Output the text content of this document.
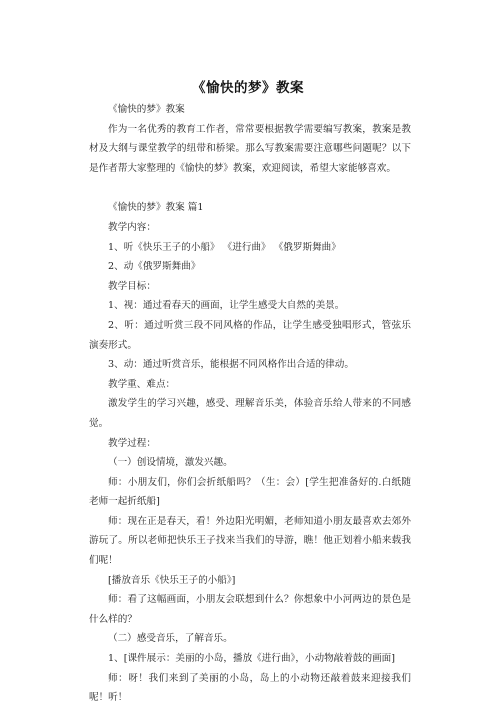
《愉快的梦》教案

《愉快的梦》教案

作为一名优秀的教育工作者，常常要根据教学需要编写教案，教案是教材及大纲与课堂教学的纽带和桥梁。那么写教案需要注意哪些问题呢？以下是作者帮大家整理的《愉快的梦》教案，欢迎阅读，希望大家能够喜欢。

《愉快的梦》教案 篇1

教学内容：

1、听《快乐王子的小船》 《进行曲》 《俄罗斯舞曲》

2、动《俄罗斯舞曲》

教学目标：

1、视：通过看春天的画面，让学生感受大自然的美景。

2、听：通过听赏三段不同风格的作品，让学生感受独唱形式，管弦乐演奏形式。

3、动：通过听赏音乐，能根据不同风格作出合适的律动。

教学重、难点：

激发学生的学习兴趣，感受、理解音乐美，体验音乐给人带来的不同感觉。

教学过程：

（一）创设情境，激发兴趣。

师：小朋友们，你们会折纸船吗？（生：会）[学生把准备好的.白纸随老师一起折纸船]

师：现在正是春天，看！外边阳光明媚，老师知道小朋友最喜欢去郊外游玩了。所以老师把快乐王子找来当我们的导游，瞧！他正划着小船来载我们呢！

[播放音乐《快乐王子的小船》]

师：看了这幅画面，小朋友会联想到什么？你想象中小河两边的景色是什么样的？

（二）感受音乐，了解音乐。

1、[课件展示：美丽的小岛，播放《进行曲》，小动物敲着鼓的画面]

师：呀！我们来到了美丽的小岛，岛上的小动物还敲着鼓来迎接我们呢！听！
